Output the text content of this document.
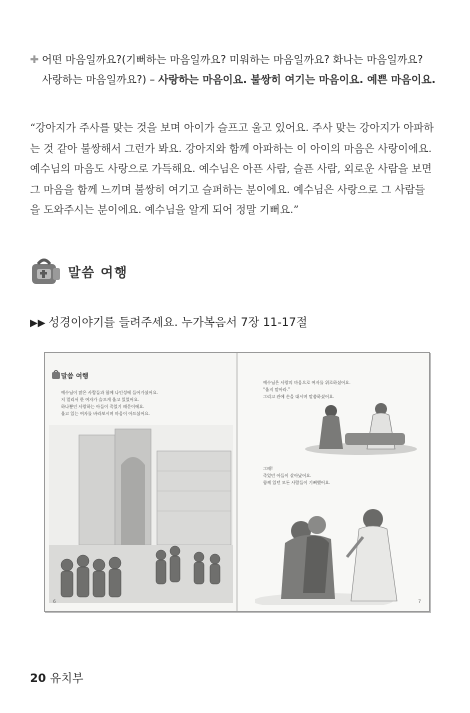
✚ 어떤 마음일까요?(기뻐하는 마음일까요? 미워하는 마음일까요? 화나는 마음일까요?
사랑하는 마음일까요?) – 사랑하는 마음이요. 불쌍히 여기는 마음이요. 예쁜 마음이요.
“강아지가 주사를 맞는 것을 보며 아이가 슬프고 울고 있어요. 주사 맞는 강아지가 아파하
는 것 같아 불쌍해서 그런가 봐요. 강아지와 함께 아파하는 이 아이의 마음은 사랑이에요.
예수님의 마음도 사랑으로 가득해요. 예수님은 아픈 사람, 슬픈 사람, 외로운 사람을 보면
그 마음을 함께 느끼며 불쌍히 여기고 슬퍼하는 분이에요. 예수님은 사랑으로 그 사람들
을 도와주시는 분이에요. 예수님을 알게 되어 정말 기뻐요.”
말씀 여행
▶▶ 성경이야기를 들려주세요. 누가복음서 7장 11-17절
말씀 여행
예수님이 많은 사람들과 함께 나인성에 들어가셨어요.
저 멀리서 한 여자가 슬프게 울고 있었어요.
하나뿐인 사랑하는 아들이 죽었기 때문이에요.
울고 있는 여자를 바라보시며 마음이 아프셨어요.
6
예수님은 사랑의 마음으로 여자를 위로하셨어요.
“울지 말아라.”
그리고 관에 손을 대시며 말씀하셨어요.
그때!
죽었던 아들이 살아났어요.
함께 있던 모든 사람들이 기뻐했어요.
7
20 유치부
